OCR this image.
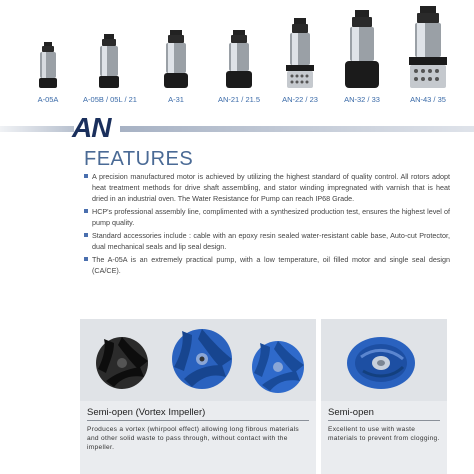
A-05A	A-05B / 05L / 21	A-31	AN-21 / 21.5	AN-22 / 23	AN-32 / 33	AN-43 / 35
AN
FEATURES
A precision manufactured motor is achieved by utilizing the highest standard of quality control. All rotors adopt heat treatment methods for drive shaft assembling, and stator winding impregnated with varnish that is heat dried in an industrial oven. The Water Resistance for Pump can reach IP68 Grade.
HCP's professional assembly line, complimented with a synthesized production test, ensures the highest level of pump quality.
Standard accessories include : cable with an epoxy resin sealed water-resistant cable base, Auto-cut Protector, dual mechanical seals and lip seal design.
The A-05A is an extremely practical pump, with a low temperature, oil filled motor and single seal design (CA/CE).
Semi-open (Vortex Impeller)
Produces a vortex (whirpool effect) allowing long fibrous materials and other solid waste to pass through, without contact with the impeller.
Semi-open
Excellent to use with waste materials to prevent from clogging.
